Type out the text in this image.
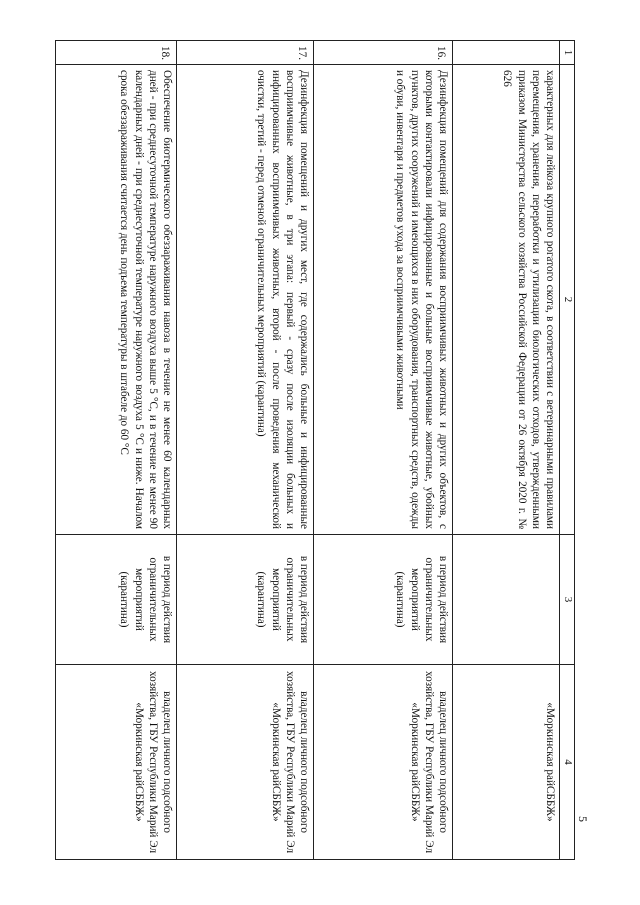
5
1	2	3	4
	характерных для лейкоза крупного рогатого скота, в соответствии с ветеринарными правилами перемещения, хранения, переработки и утилизации биологических отходов, утвержденными приказом Министерства сельского хозяйства Российской Федерации от 26 октября 2020 г. № 626		«Моркинская райСББЖ»
16.	Дезинфекция помещений для содержания восприимчивых животных и других объектов, с которыми контактировали инфицированные и больные восприимчивые животные, убойных пунктов, других сооружений и имеющихся в них оборудования, транспортных средств, одежды и обуви, инвентаря и предметов ухода за восприимчивыми животными	в период действия ограничительных мероприятий (карантина)	владелец личного подсобного хозяйства, ГБУ Республики Марий Эл «Моркинская райСББЖ»
17.	Дезинфекция помещений и других мест, где содержались больные и инфицированные восприимчивые животные, в три этапа: первый - сразу после изоляции больных и инфицированных восприимчивых животных, второй - после проведения механической очистки, третий - перед отменой ограничительных мероприятий (карантина)	в период действия ограничительных мероприятий (карантина)	владелец личного подсобного хозяйства, ГБУ Республики Марий Эл «Моркинская райСББЖ»
18.	Обеспечение биотермического обеззараживания навоза в течение не менее 60 календарных дней - при среднесуточной температуре наружного воздуха выше 5 °С, и в течение не менее 90 календарных дней - при среднесуточной температуре наружного воздуха 5 °С и ниже. Началом срока обеззараживания считается день подъема температуры в штабеле до 60 °С	в период действия ограничительных мероприятий (карантина)	владелец личного подсобного хозяйства, ГБУ Республики Марий Эл «Моркинская райСББЖ»
